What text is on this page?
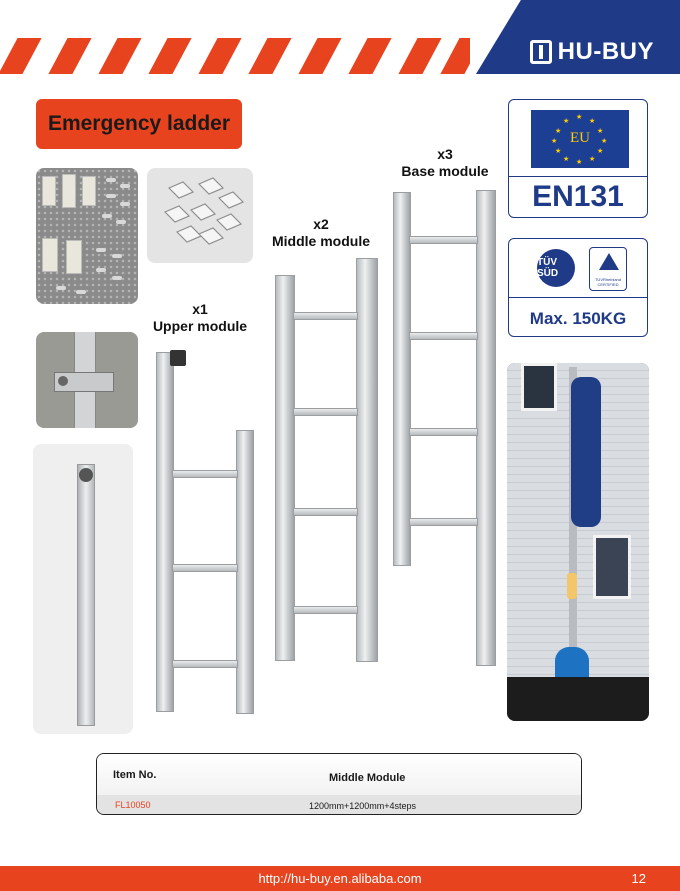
HU-BUY
Emergency ladder
x1
Upper module
x2
Middle module
x3
Base module
★
★
★
★
★
★
★
★
★
★
★
★
EU
EN131
TÜV SÜD
TÜVRheinland CERTIFIED
Max. 150KG
Item No.	Middle Module
FL10050	1200mm+1200mm+4steps
http://hu-buy.en.alibaba.com	12
